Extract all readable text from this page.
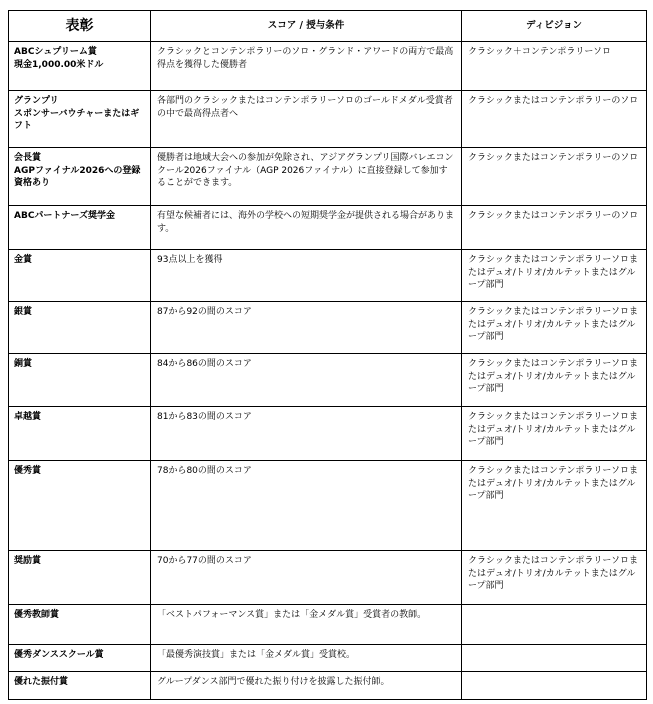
表彰	スコア / 授与条件	ディビジョン

ABCシュプリーム賞
現金1,000.00米ドル	クラシックとコンテンポラリーのソロ・グランド・アワードの両方で最高得点を獲得した優勝者	クラシック＋コンテンポラリーソロ

グランプリ
スポンサーバウチャーまたはギフト	各部門のクラシックまたはコンテンポラリーソロのゴールドメダル受賞者の中で最高得点者へ	クラシックまたはコンテンポラリーのソロ

会長賞
AGPファイナル2026への登録資格あり	優勝者は地域大会への参加が免除され、アジアグランプリ国際バレエコンクール2026ファイナル（AGP 2026ファイナル）に直接登録して参加することができます。	クラシックまたはコンテンポラリーのソロ

ABCパートナーズ奨学金	有望な候補者には、海外の学校への短期奨学金が提供される場合があります。	クラシックまたはコンテンポラリーのソロ

金賞	93点以上を獲得	クラシックまたはコンテンポラリーソロまたはデュオ/トリオ/カルテットまたはグループ部門

銀賞	87から92の間のスコア	クラシックまたはコンテンポラリーソロまたはデュオ/トリオ/カルテットまたはグループ部門

銅賞	84から86の間のスコア	クラシックまたはコンテンポラリーソロまたはデュオ/トリオ/カルテットまたはグループ部門

卓越賞	81から83の間のスコア	クラシックまたはコンテンポラリーソロまたはデュオ/トリオ/カルテットまたはグループ部門

優秀賞	78から80の間のスコア	クラシックまたはコンテンポラリーソロまたはデュオ/トリオ/カルテットまたはグループ部門

奨励賞	70から77の間のスコア	クラシックまたはコンテンポラリーソロまたはデュオ/トリオ/カルテットまたはグループ部門

優秀教師賞	「ベストパフォーマンス賞」または「金メダル賞」受賞者の教師。	

優秀ダンススクール賞	「最優秀演技賞」または「金メダル賞」受賞校。	

優れた振付賞	グループダンス部門で優れた振り付けを披露した振付師。	
